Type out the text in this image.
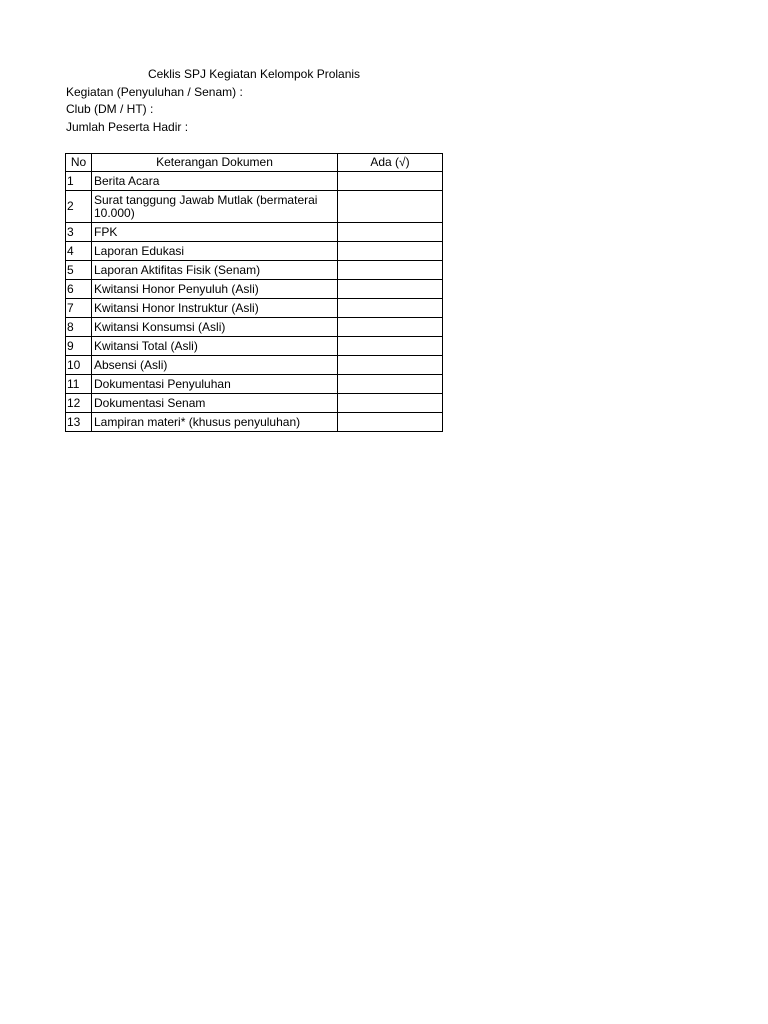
Ceklis SPJ Kegiatan Kelompok Prolanis
Kegiatan (Penyuluhan / Senam) :
Club (DM / HT) :
Jumlah Peserta Hadir :
No	Keterangan Dokumen	Ada (√)
1	Berita Acara	
2	Surat tanggung Jawab Mutlak (bermaterai 10.000)	
3	FPK	
4	Laporan Edukasi	
5	Laporan Aktifitas Fisik (Senam)	
6	Kwitansi Honor Penyuluh (Asli)	
7	Kwitansi Honor Instruktur (Asli)	
8	Kwitansi Konsumsi (Asli)	
9	Kwitansi Total (Asli)	
10	Absensi (Asli)	
11	Dokumentasi Penyuluhan	
12	Dokumentasi Senam	
13	Lampiran materi* (khusus penyuluhan)	
